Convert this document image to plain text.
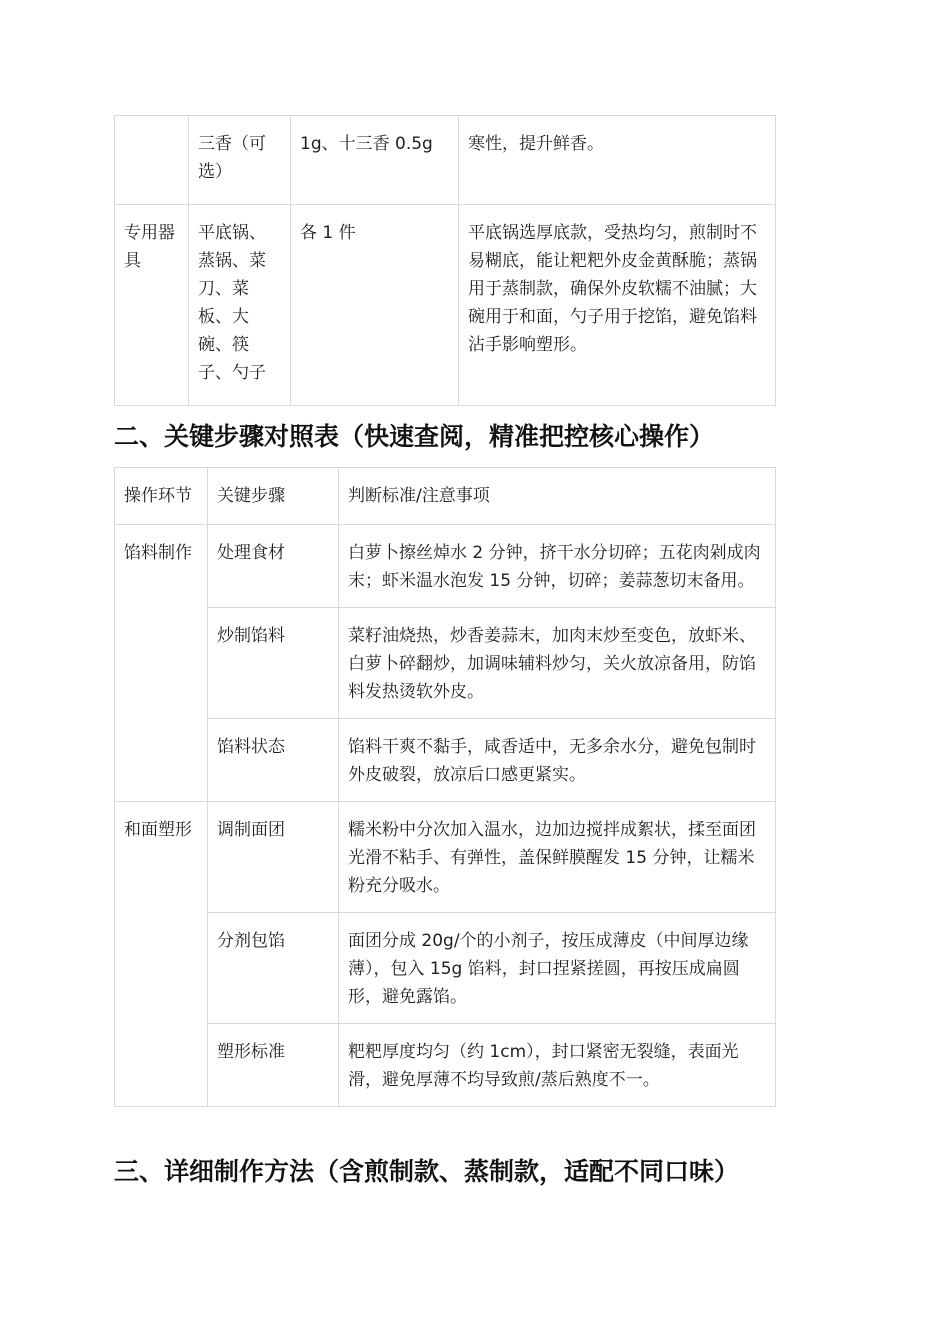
	三香（可选）	1g、十三香 0.5g	寒性，提升鲜香。
专用器具	平底锅、蒸锅、菜刀、菜板、大碗、筷子、勺子	各 1 件	平底锅选厚底款，受热均匀，煎制时不易糊底，能让粑粑外皮金黄酥脆；蒸锅用于蒸制款，确保外皮软糯不油腻；大碗用于和面，勺子用于挖馅，避免馅料沾手影响塑形。
二、关键步骤对照表（快速查阅，精准把控核心操作）
操作环节	关键步骤	判断标准/注意事项
馅料制作	处理食材	白萝卜擦丝焯水 2 分钟，挤干水分切碎；五花肉剁成肉末；虾米温水泡发 15 分钟，切碎；姜蒜葱切末备用。
	炒制馅料	菜籽油烧热，炒香姜蒜末，加肉末炒至变色，放虾米、白萝卜碎翻炒，加调味辅料炒匀，关火放凉备用，防馅料发热烫软外皮。
	馅料状态	馅料干爽不黏手，咸香适中，无多余水分，避免包制时外皮破裂，放凉后口感更紧实。
和面塑形	调制面团	糯米粉中分次加入温水，边加边搅拌成絮状，揉至面团光滑不粘手、有弹性，盖保鲜膜醒发 15 分钟，让糯米粉充分吸水。
	分剂包馅	面团分成 20g/个的小剂子，按压成薄皮（中间厚边缘薄），包入 15g 馅料，封口捏紧搓圆，再按压成扁圆形，避免露馅。
	塑形标准	粑粑厚度均匀（约 1cm），封口紧密无裂缝，表面光滑，避免厚薄不均导致煎/蒸后熟度不一。
三、详细制作方法（含煎制款、蒸制款，适配不同口味）
